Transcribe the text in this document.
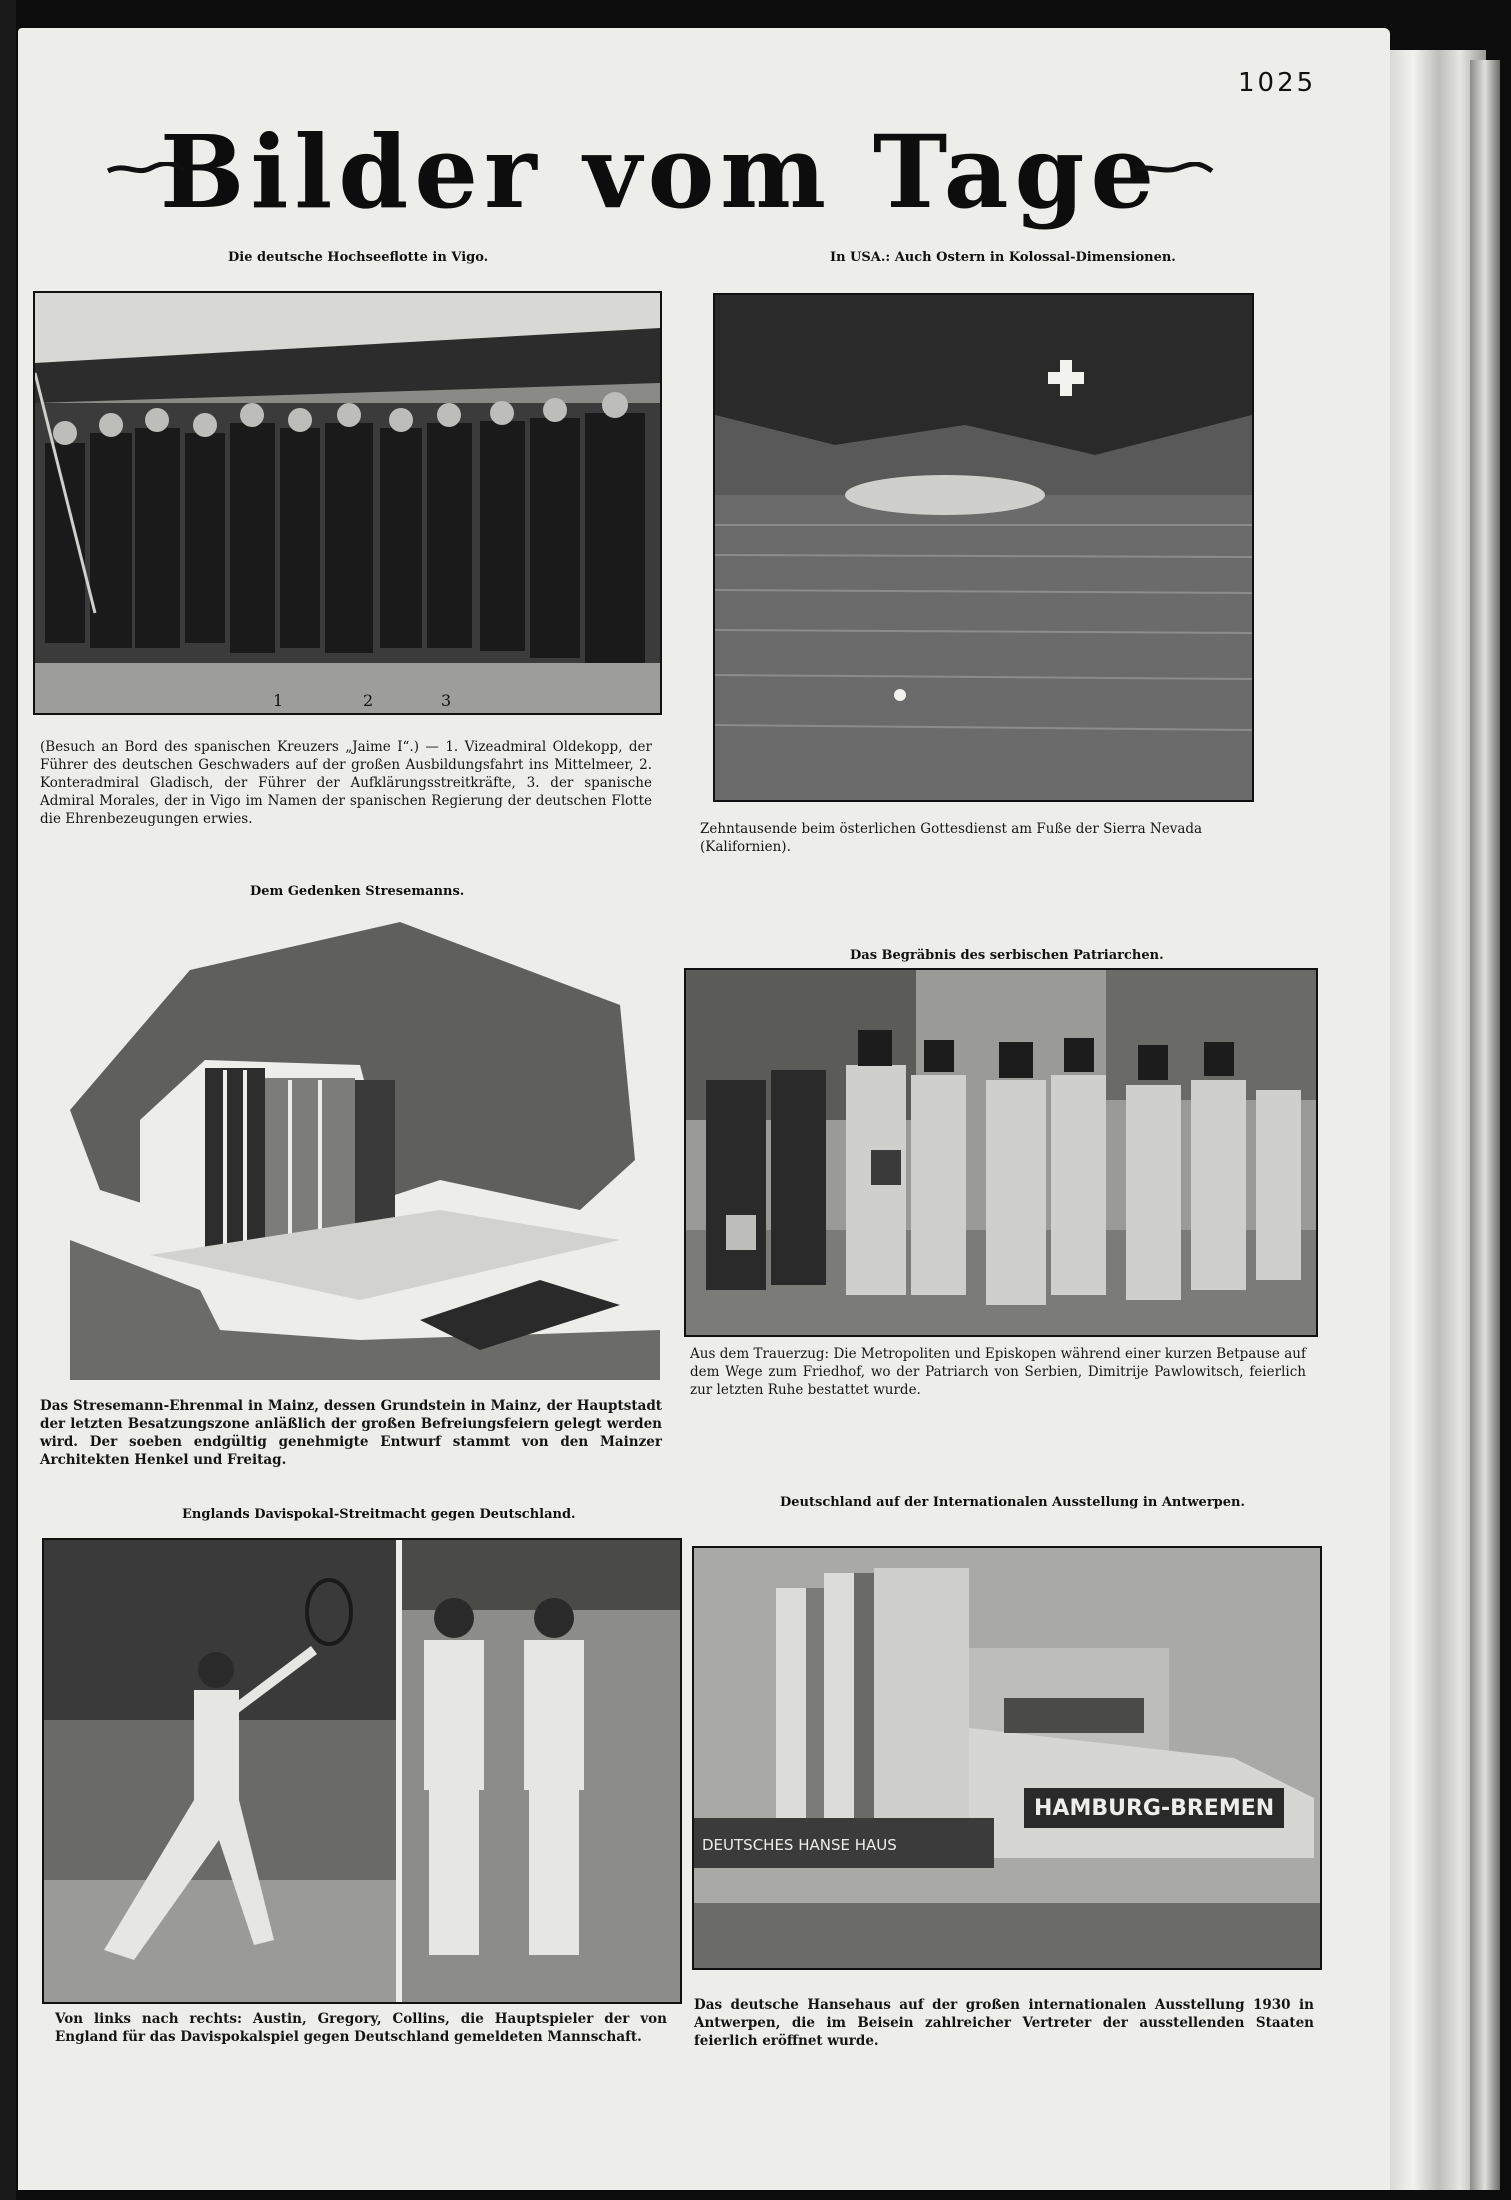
1025
Bilder vom Tage
Die deutsche Hochseeflotte in Vigo.
1	2	3
(Besuch an Bord des spanischen Kreuzers „Jaime I“.) — 1. Vizeadmiral Oldekopp, der Führer des deutschen Geschwaders auf der großen Ausbildungsfahrt ins Mittelmeer, 2. Konteradmiral Gladisch, der Führer der Aufklärungsstreitkräfte, 3. der spanische Admiral Morales, der in Vigo im Namen der spanischen Regierung der deutschen Flotte die Ehrenbezeugungen erwies.
In USA.: Auch Ostern in Kolossal-Dimensionen.
Zehntausende beim österlichen Gottesdienst am Fuße der Sierra Nevada (Kalifornien).
Dem Gedenken Stresemanns.
Das Stresemann-Ehrenmal in Mainz, dessen Grundstein in Mainz, der Hauptstadt der letzten Besatzungszone anläßlich der großen Befreiungsfeiern gelegt werden wird. Der soeben endgültig genehmigte Entwurf stammt von den Mainzer Architekten Henkel und Freitag.
Das Begräbnis des serbischen Patriarchen.
Aus dem Trauerzug: Die Metropoliten und Episkopen während einer kurzen Betpause auf dem Wege zum Friedhof, wo der Patriarch von Serbien, Dimitrije Pawlowitsch, feierlich zur letzten Ruhe bestattet wurde.
Englands Davispokal-Streitmacht gegen Deutschland.
Von links nach rechts: Austin, Gregory, Collins, die Hauptspieler der von England für das Davispokalspiel gegen Deutschland gemeldeten Mannschaft.
Deutschland auf der Internationalen Ausstellung in Antwerpen.
DEUTSCHES HANSE HAUS
HAMBURG-BREMEN
Das deutsche Hansehaus auf der großen internationalen Ausstellung 1930 in Antwerpen, die im Beisein zahlreicher Vertreter der ausstellenden Staaten feierlich eröffnet wurde.
